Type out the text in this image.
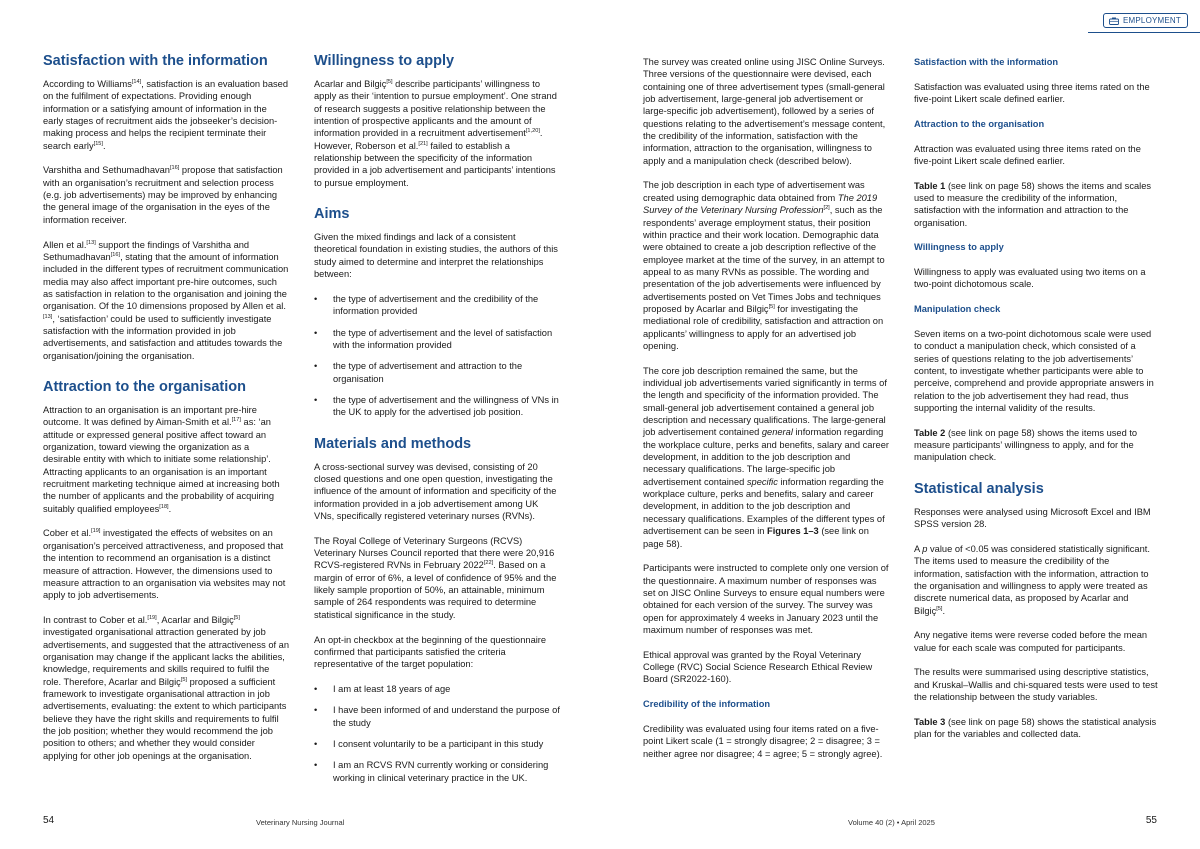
Satisfaction with the information

According to Williams[14], satisfaction is an evaluation based on the fulfilment of expectations. Providing enough information or a satisfying amount of information in the early stages of recruitment aids the jobseeker’s decision-making process and helps the recipient terminate their search early[15].

Varshitha and Sethumadhavan[16] propose that satisfaction with an organisation’s recruitment and selection process (e.g. job advertisements) may be improved by enhancing the general image of the organisation in the eyes of the information receiver.

Allen et al.[13] support the findings of Varshitha and Sethumadhavan[16], stating that the amount of information included in the different types of recruitment communication media may also affect important pre-hire outcomes, such as satisfaction in relation to the organisation and joining the organisation. Of the 10 dimensions proposed by Allen et al.[13], ‘satisfaction’ could be used to sufficiently investigate satisfaction with the information provided in job advertisements, and satisfaction and attitudes towards the organisation/joining the organisation.

Attraction to the organisation

Attraction to an organisation is an important pre-hire outcome. It was defined by Aiman-Smith et al.[17] as: ‘an attitude or expressed general positive affect toward an organization, toward viewing the organization as a desirable entity with which to initiate some relationship’. Attracting applicants to an organisation is an important recruitment marketing technique aimed at increasing both the number of applicants and the probability of acquiring suitably qualified employees[18].

Cober et al.[19] investigated the effects of websites on an organisation’s perceived attractiveness, and proposed that the intention to recommend an organisation is a distinct measure of attraction. However, the dimensions used to measure attraction to an organisation via websites may not apply to job advertisements.

In contrast to Cober et al.[19], Acarlar and Bilgiç[5] investigated organisational attraction generated by job advertisements, and suggested that the attractiveness of an organisation may change if the applicant lacks the abilities, knowledge, requirements and skills required to fulfil the role. Therefore, Acarlar and Bilgiç[5] proposed a sufficient framework to investigate organisational attraction in job advertisements, evaluating: the extent to which participants believe they have the right skills and requirements to fulfil the job position; whether they would recommend the job position to others; and whether they would consider applying for other job openings at the organisation.

Willingness to apply

Acarlar and Bilgiç[5] describe participants’ willingness to apply as their ‘intention to pursue employment’. One strand of research suggests a positive relationship between the intention of prospective applicants and the amount of information provided in a recruitment advertisement[1,20]. However, Roberson et al.[21] failed to establish a relationship between the specificity of the information provided in a job advertisement and participants’ intentions to pursue employment.

Aims

Given the mixed findings and lack of a consistent theoretical foundation in existing studies, the authors of this study aimed to determine and interpret the relationships between:

• the type of advertisement and the credibility of the information provided
• the type of advertisement and the level of satisfaction with the information provided
• the type of advertisement and attraction to the organisation
• the type of advertisement and the willingness of VNs in the UK to apply for the advertised job position.
Materials and methods

A cross-sectional survey was devised, consisting of 20 closed questions and one open question, investigating the influence of the amount of information and specificity of the information provided in a job advertisement among UK VNs, specifically registered veterinary nurses (RVNs).

The Royal College of Veterinary Surgeons (RCVS) Veterinary Nurses Council reported that there were 20,916 RCVS-registered RVNs in February 2022[22]. Based on a margin of error of 6%, a level of confidence of 95% and the likely sample proportion of 50%, an attainable, minimum sample of 264 respondents was required to determine statistical significance in the study.

An opt-in checkbox at the beginning of the questionnaire confirmed that participants satisfied the criteria representative of the target population:

• I am at least 18 years of age
• I have been informed of and understand the purpose of the study
• I consent voluntarily to be a participant in this study
• I am an RCVS RVN currently working or considering working in clinical veterinary practice in the UK.
54	Veterinary Nursing Journal
EMPLOYMENT

The survey was created online using JISC Online Surveys. Three versions of the questionnaire were devised, each containing one of three advertisement types (small-general job advertisement, large-general job advertisement or large-specific job advertisement), followed by a series of questions relating to the advertisement’s message content, the credibility of the information, satisfaction with the information, attraction to the organisation, willingness to apply and a manipulation check (described below).

The job description in each type of advertisement was created using demographic data obtained from The 2019 Survey of the Veterinary Nursing Profession[2], such as the respondents’ average employment status, their position within practice and their work location. Demographic data were obtained to create a job description reflective of the employee market at the time of the survey, in an attempt to appeal to as many RVNs as possible. The wording and presentation of the job advertisements were influenced by advertisements posted on Vet Times Jobs and techniques proposed by Acarlar and Bilgiç[5] for investigating the mediational role of credibility, satisfaction and attraction on applicants’ willingness to apply for an advertised job opening.

The core job description remained the same, but the individual job advertisements varied significantly in terms of the length and specificity of the information provided. The small-general job advertisement contained a general job description and necessary qualifications. The large-general job advertisement contained general information regarding the workplace culture, perks and benefits, salary and career development, in addition to the job description and necessary qualifications. The large-specific job advertisement contained specific information regarding the workplace culture, perks and benefits, salary and career development, in addition to the job description and necessary qualifications. Examples of the different types of advertisement can be seen in Figures 1–3 (see link on page 58).

Participants were instructed to complete only one version of the questionnaire. A maximum number of responses was set on JISC Online Surveys to ensure equal numbers were obtained for each version of the survey. The survey was open for approximately 4 weeks in January 2023 until the maximum number of responses was met.

Ethical approval was granted by the Royal Veterinary College (RVC) Social Science Research Ethical Review Board (SR2022-160).

Credibility of the information

Credibility was evaluated using four items rated on a five-point Likert scale (1 = strongly disagree; 2 = disagree; 3 = neither agree nor disagree; 4 = agree; 5 = strongly agree).

Satisfaction with the information

Satisfaction was evaluated using three items rated on the five-point Likert scale defined earlier.

Attraction to the organisation

Attraction was evaluated using three items rated on the five-point Likert scale defined earlier.

Table 1 (see link on page 58) shows the items and scales used to measure the credibility of the information, satisfaction with the information and attraction to the organisation.

Willingness to apply

Willingness to apply was evaluated using two items on a two-point dichotomous scale.

Manipulation check

Seven items on a two-point dichotomous scale were used to conduct a manipulation check, which consisted of a series of questions relating to the job advertisements’ content, to investigate whether participants were able to perceive, comprehend and provide appropriate answers in relation to the job advertisement they had read, thus supporting the internal validity of the results.

Table 2 (see link on page 58) shows the items used to measure participants’ willingness to apply, and for the manipulation check.

Statistical analysis

Responses were analysed using Microsoft Excel and IBM SPSS version 28.

A p value of <0.05 was considered statistically significant. The items used to measure the credibility of the information, satisfaction with the information, attraction to the organisation and willingness to apply were treated as discrete numerical data, as proposed by Acarlar and Bilgiç[5].

Any negative items were reverse coded before the mean value for each scale was computed for participants.

The results were summarised using descriptive statistics, and Kruskal–Wallis and chi-squared tests were used to test the relationship between the study variables.

Table 3 (see link on page 58) shows the statistical analysis plan for the variables and collected data.

Volume 40 (2) • April 2025	55
